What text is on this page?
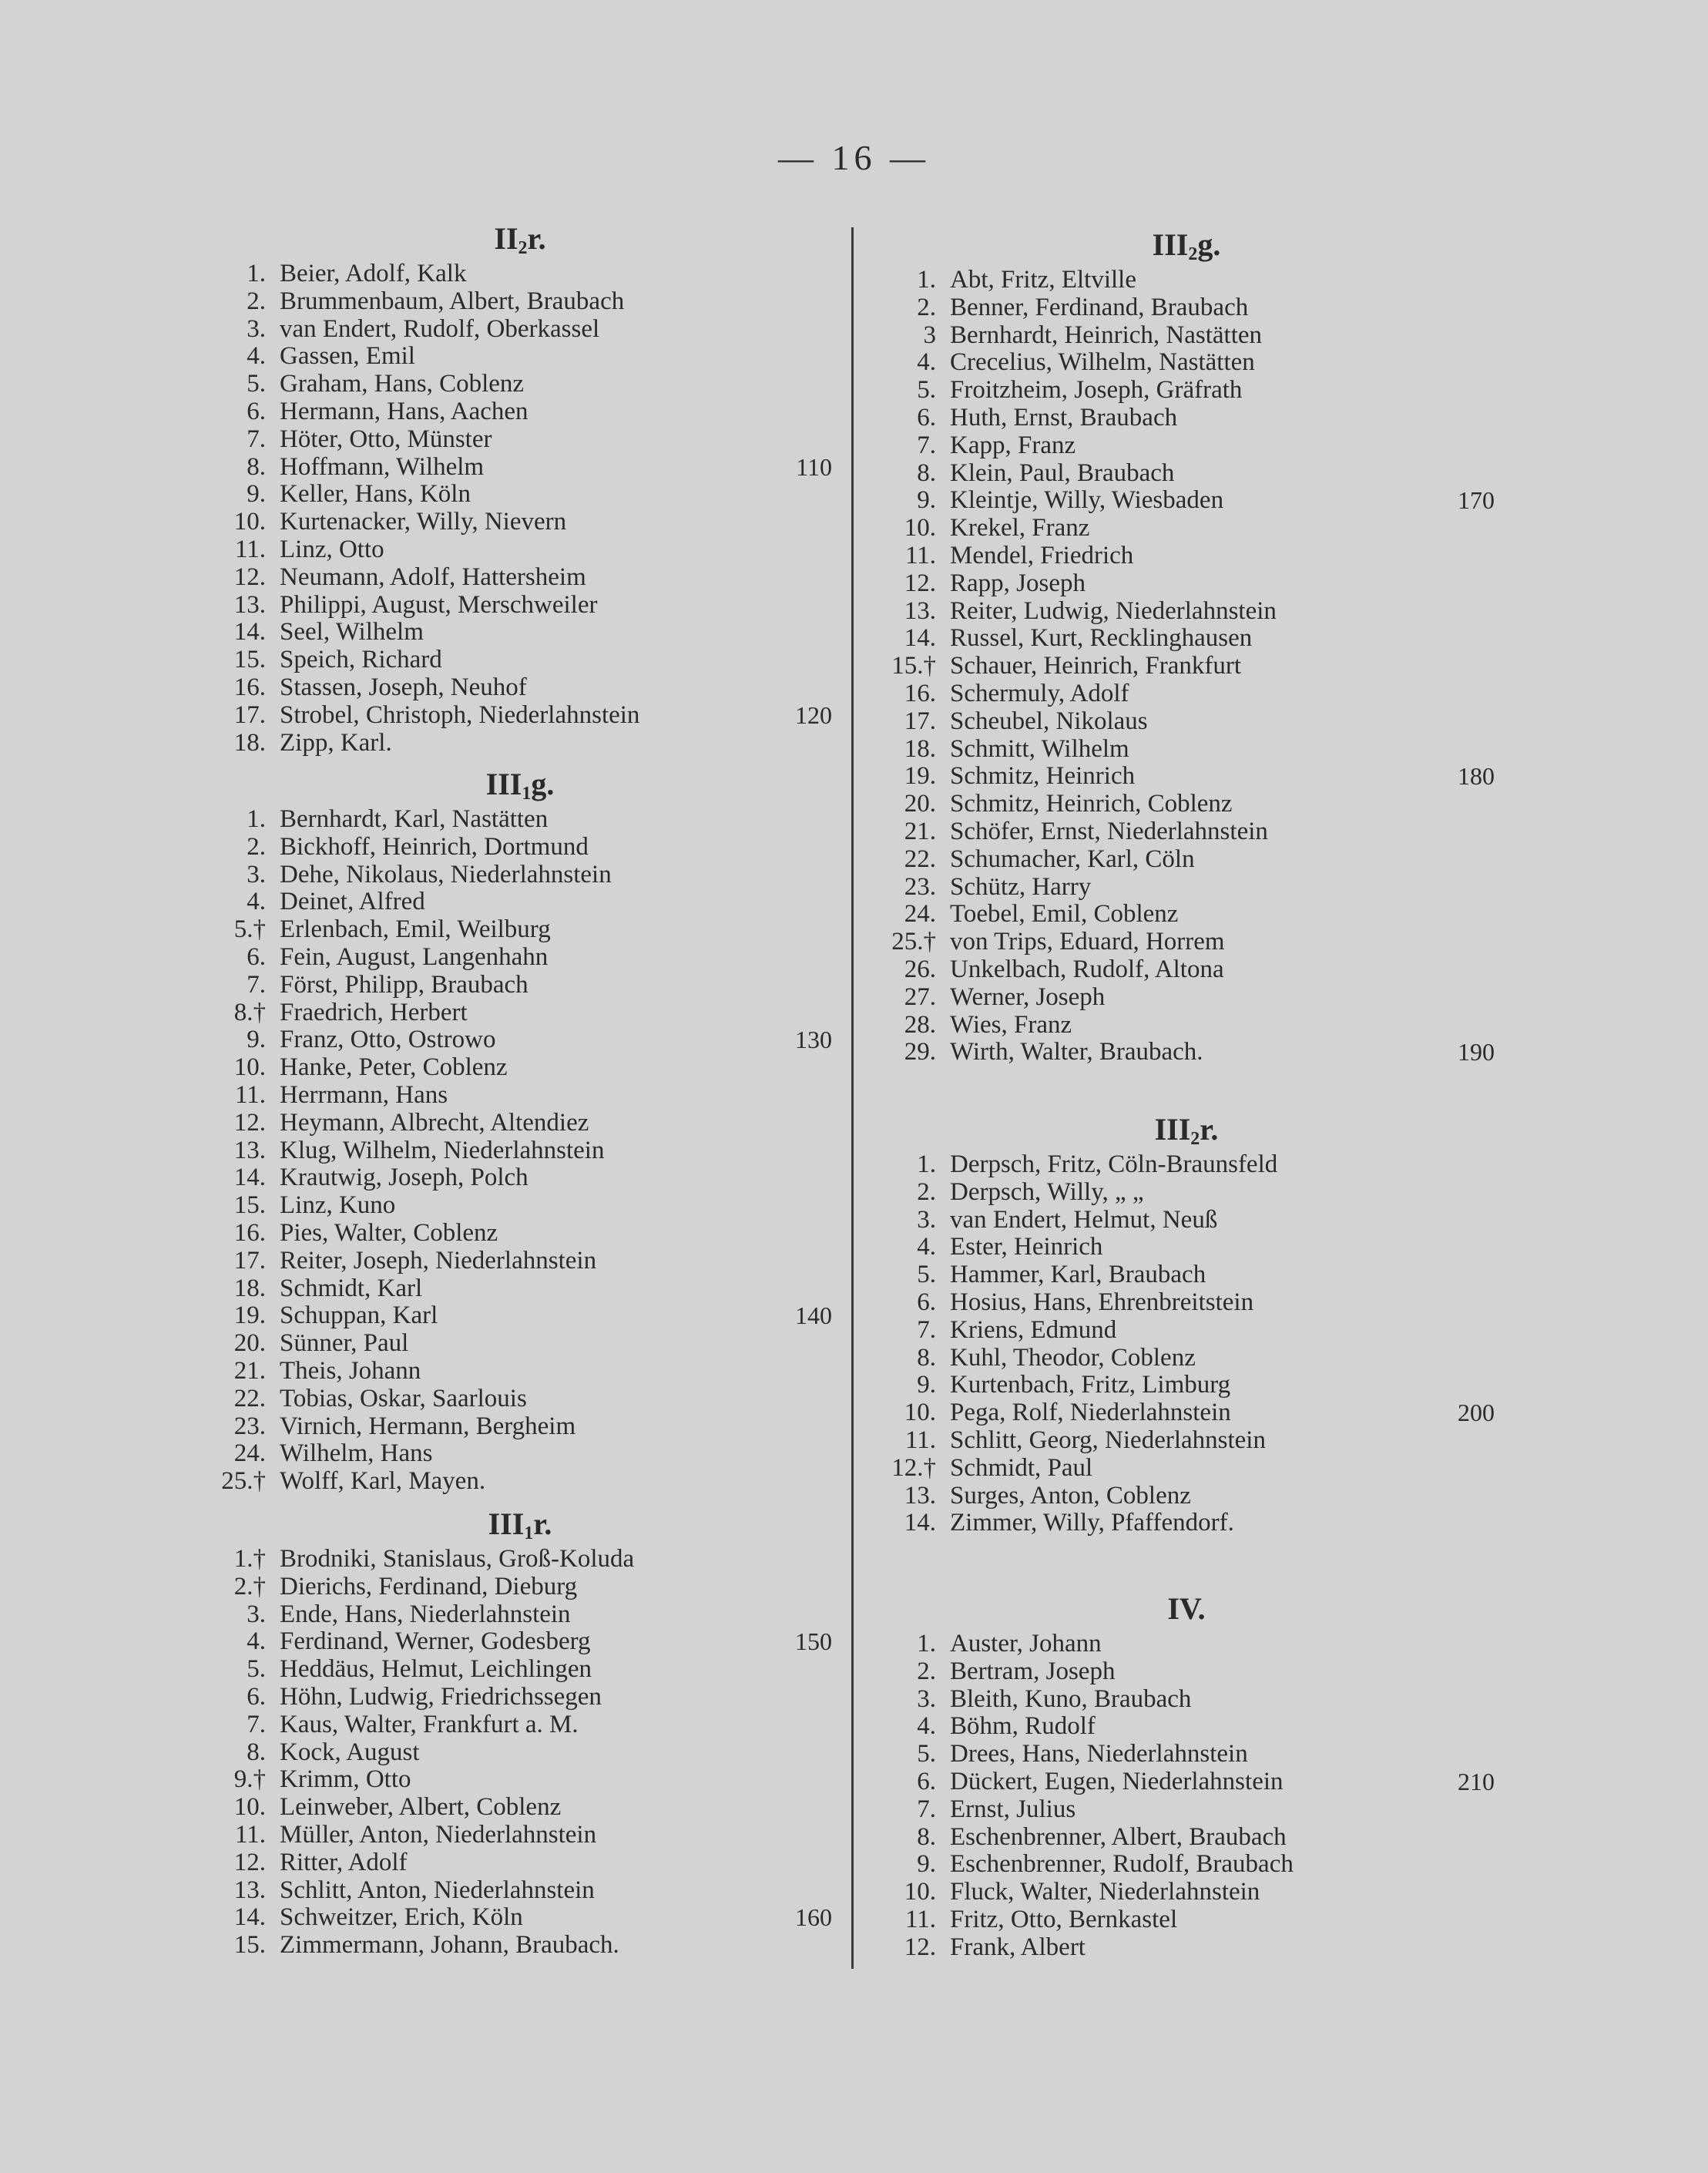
— 16 —
$II_2r$.
1. Beier, Adolf, Kalk
2. Brummenbaum, Albert, Braubach
3. van Endert, Rudolf, Oberkassel
4. Gassen, Emil
5. Graham, Hans, Coblenz
6. Hermann, Hans, Aachen
7. Höter, Otto, Münster
8. Hoffmann, Wilhelm	110
9. Keller, Hans, Köln
10. Kurtenacker, Willy, Nievern
11. Linz, Otto
12. Neumann, Adolf, Hattersheim
13. Philippi, August, Merschweiler
14. Seel, Wilhelm
15. Speich, Richard
16. Stassen, Joseph, Neuhof
17. Strobel, Christoph, Niederlahnstein	120
18. Zipp, Karl.
$III_1g$.
1. Bernhardt, Karl, Nastätten
2. Bickhoff, Heinrich, Dortmund
3. Dehe, Nikolaus, Niederlahnstein
4. Deinet, Alfred
5.† Erlenbach, Emil, Weilburg
6. Fein, August, Langenhahn
7. Först, Philipp, Braubach
8.† Fraedrich, Herbert
9. Franz, Otto, Ostrowo	130
10. Hanke, Peter, Coblenz
11. Herrmann, Hans
12. Heymann, Albrecht, Altendiez
13. Klug, Wilhelm, Niederlahnstein
14. Krautwig, Joseph, Polch
15. Linz, Kuno
16. Pies, Walter, Coblenz
17. Reiter, Joseph, Niederlahnstein
18. Schmidt, Karl
19. Schuppan, Karl	140
20. Sünner, Paul
21. Theis, Johann
22. Tobias, Oskar, Saarlouis
23. Virnich, Hermann, Bergheim
24. Wilhelm, Hans
25.† Wolff, Karl, Mayen.
$III_1r$.
1.† Brodniki, Stanislaus, Groß-Koluda
2.† Dierichs, Ferdinand, Dieburg
3. Ende, Hans, Niederlahnstein
4. Ferdinand, Werner, Godesberg	150
5. Heddäus, Helmut, Leichlingen
6. Höhn, Ludwig, Friedrichssegen
7. Kaus, Walter, Frankfurt a. M.
8. Kock, August
9.† Krimm, Otto
10. Leinweber, Albert, Coblenz
11. Müller, Anton, Niederlahnstein
12. Ritter, Adolf
13. Schlitt, Anton, Niederlahnstein
14. Schweitzer, Erich, Köln	160
15. Zimmermann, Johann, Braubach.
$III_2g$.
1. Abt, Fritz, Eltville
2. Benner, Ferdinand, Braubach
3 Bernhardt, Heinrich, Nastätten
4. Crecelius, Wilhelm, Nastätten
5. Froitzheim, Joseph, Gräfrath
6. Huth, Ernst, Braubach
7. Kapp, Franz
8. Klein, Paul, Braubach
9. Kleintje, Willy, Wiesbaden	170
10. Krekel, Franz
11. Mendel, Friedrich
12. Rapp, Joseph
13. Reiter, Ludwig, Niederlahnstein
14. Russel, Kurt, Recklinghausen
15.† Schauer, Heinrich, Frankfurt
16. Schermuly, Adolf
17. Scheubel, Nikolaus
18. Schmitt, Wilhelm
19. Schmitz, Heinrich	180
20. Schmitz, Heinrich, Coblenz
21. Schöfer, Ernst, Niederlahnstein
22. Schumacher, Karl, Cöln
23. Schütz, Harry
24. Toebel, Emil, Coblenz
25.† von Trips, Eduard, Horrem
26. Unkelbach, Rudolf, Altona
27. Werner, Joseph
28. Wies, Franz
29. Wirth, Walter, Braubach.	190
$III_2r$.
1. Derpsch, Fritz, Cöln-Braunsfeld
2. Derpsch, Willy, „ „
3. van Endert, Helmut, Neuß
4. Ester, Heinrich
5. Hammer, Karl, Braubach
6. Hosius, Hans, Ehrenbreitstein
7. Kriens, Edmund
8. Kuhl, Theodor, Coblenz
9. Kurtenbach, Fritz, Limburg
10. Pega, Rolf, Niederlahnstein	200
11. Schlitt, Georg, Niederlahnstein
12.† Schmidt, Paul
13. Surges, Anton, Coblenz
14. Zimmer, Willy, Pfaffendorf.
IV.
1. Auster, Johann
2. Bertram, Joseph
3. Bleith, Kuno, Braubach
4. Böhm, Rudolf
5. Drees, Hans, Niederlahnstein
6. Dückert, Eugen, Niederlahnstein	210
7. Ernst, Julius
8. Eschenbrenner, Albert, Braubach
9. Eschenbrenner, Rudolf, Braubach
10. Fluck, Walter, Niederlahnstein
11. Fritz, Otto, Bernkastel
12. Frank, Albert
